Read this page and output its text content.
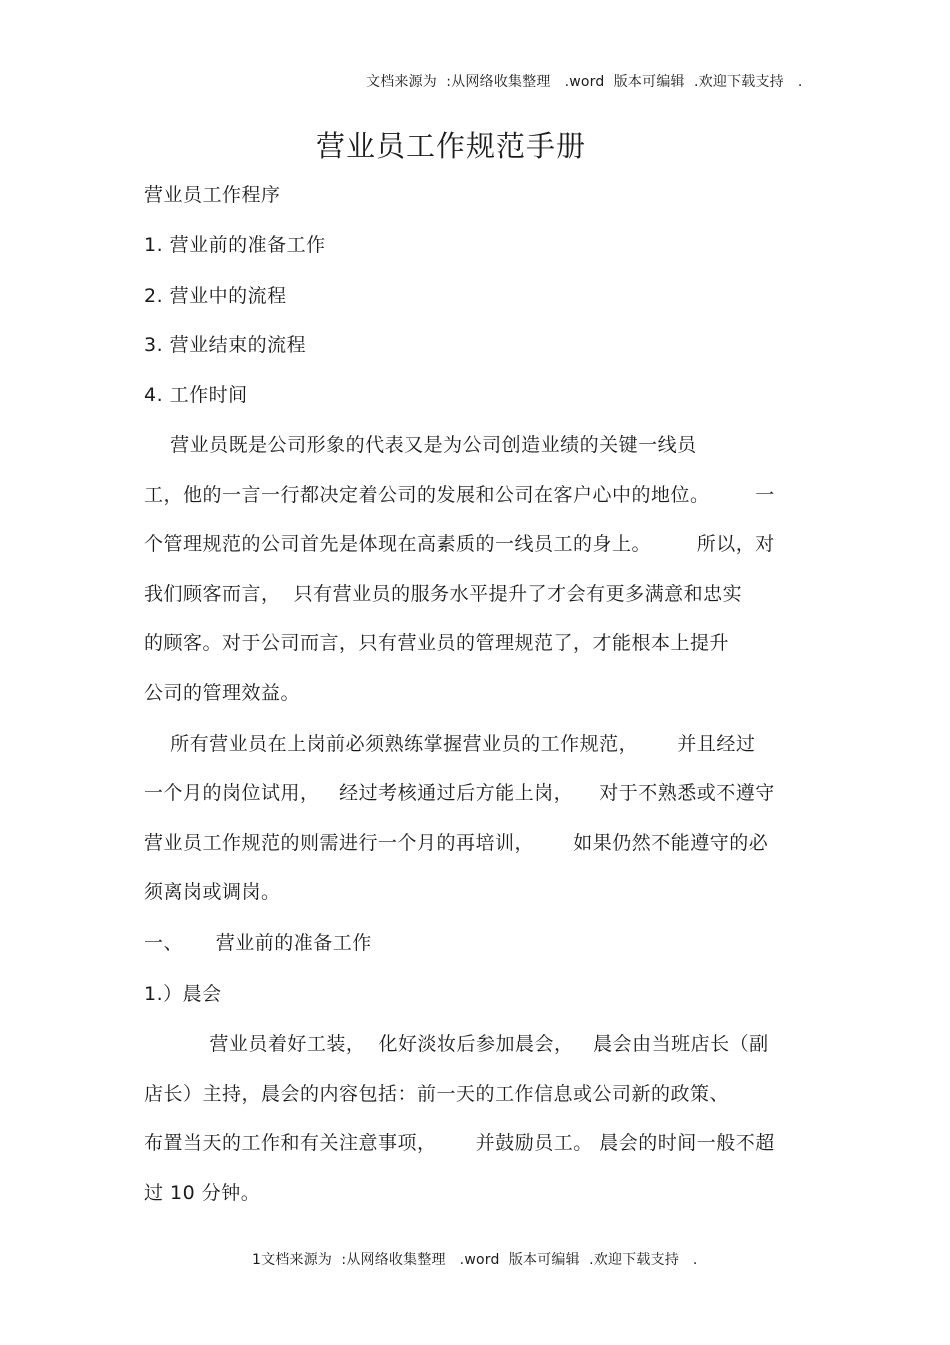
文档来源为  :从网络收集整理   .word  版本可编辑  .欢迎下载支持   .
营业员工作规范手册
营业员工作程序
1. 营业前的准备工作
2. 营业中的流程
3. 营业结束的流程
4. 工作时间
营业员既是公司形象的代表又是为公司创造业绩的关键一线员
工，他的一言一行都决定着公司的发展和公司在客户心中的地位。       一
个管理规范的公司首先是体现在高素质的一线员工的身上。       所以，对
我们顾客而言，  只有营业员的服务水平提升了才会有更多满意和忠实
的顾客。对于公司而言，只有营业员的管理规范了，才能根本上提升
公司的管理效益。
所有营业员在上岗前必须熟练掌握营业员的工作规范，      并且经过
一个月的岗位试用，   经过考核通过后方能上岗，    对于不熟悉或不遵守
营业员工作规范的则需进行一个月的再培训，      如果仍然不能遵守的必
须离岗或调岗。
一、     营业前的准备工作
1.）晨会
营业员着好工装，  化好淡妆后参加晨会，   晨会由当班店长（副
店长）主持，晨会的内容包括：前一天的工作信息或公司新的政策、
布置当天的工作和有关注意事项，      并鼓励员工。 晨会的时间一般不超
过 10 分钟。
1文档来源为  :从网络收集整理   .word  版本可编辑  .欢迎下载支持   .
